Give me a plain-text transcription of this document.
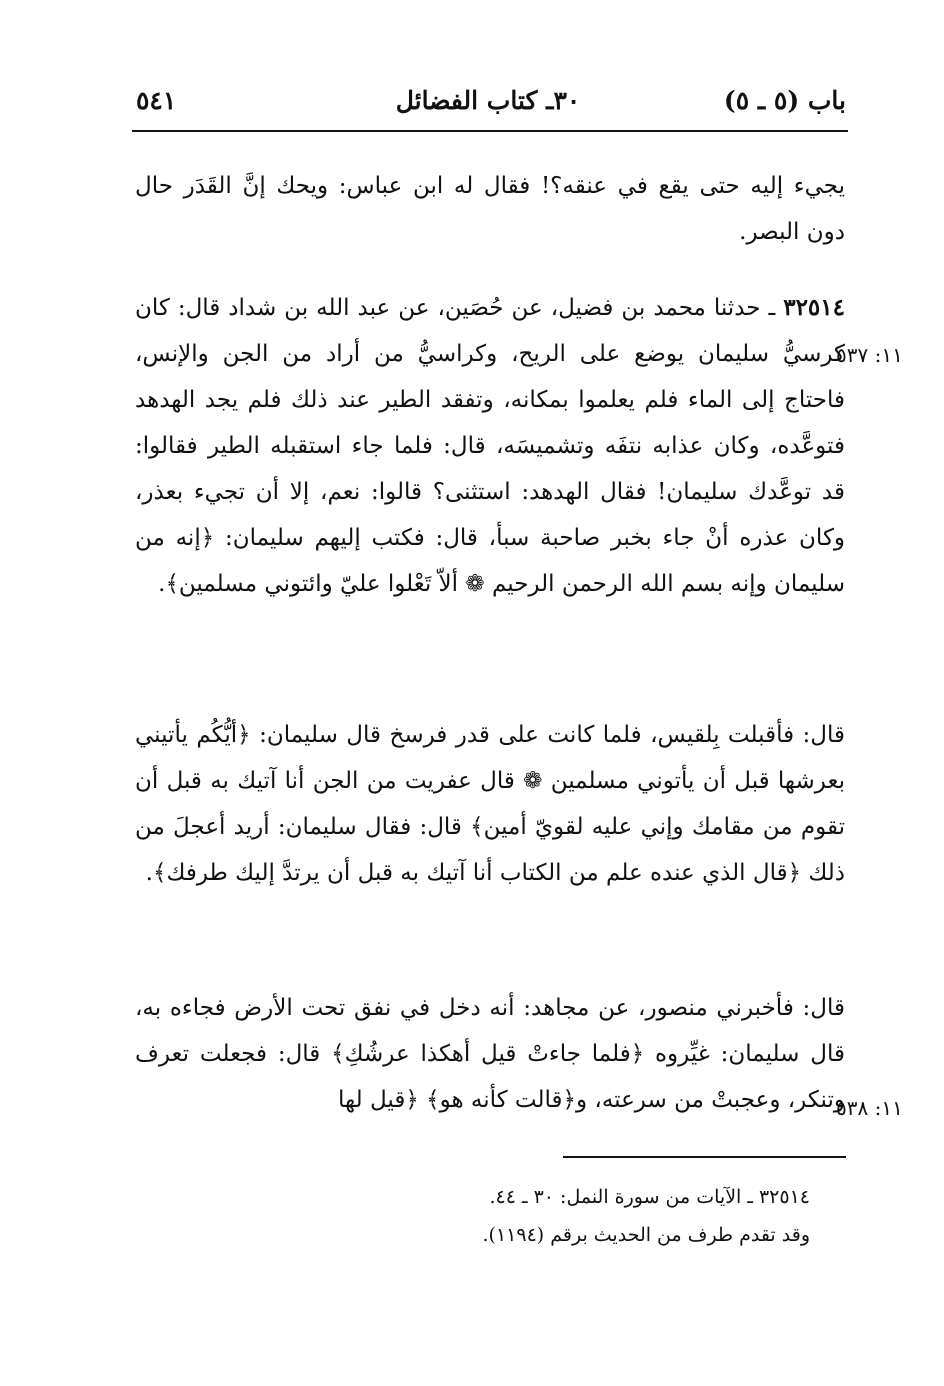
باب (٥ ـ ٥)
٣٠ـ كتاب الفضائل
٥٤١

يجيء إليه حتى يقع في عنقه؟! فقال له ابن عباس: ويحك إنَّ القَدَر حال دون البصر.

٣٢٥١٤ ـ حدثنا محمد بن فضيل، عن حُصَين، عن عبد الله بن شداد قال: كان كرسيُّ سليمان يوضع على الريح، وكراسيُّ من أراد من الجن والإنس، فاحتاج إلى الماء فلم يعلموا بمكانه، وتفقد الطير عند ذلك فلم يجد الهدهد فتوعَّده، وكان عذابه نتفَه وتشميسَه، قال: فلما جاء استقبله الطير فقالوا: قد توعَّدك سليمان! فقال الهدهد: استثنى؟ قالوا: نعم، إلا أن تجيء بعذر، وكان عذره أنْ جاء بخبر صاحبة سبأ، قال: فكتب إليهم سليمان: ﴿إنه من سليمان وإنه بسم الله الرحمن الرحيم ❁ ألاّ تَعْلوا عليّ وائتوني مسلمين﴾.

قال: فأقبلت بِلقيس، فلما كانت على قدر فرسخ قال سليمان: ﴿أيُّكُم يأتيني بعرشها قبل أن يأتوني مسلمين ❁ قال عفريت من الجن أنا آتيك به قبل أن تقوم من مقامك وإني عليه لقويّ أمين﴾ قال: فقال سليمان: أريد أعجلَ من ذلك ﴿قال الذي عنده علم من الكتاب أنا آتيك به قبل أن يرتدَّ إليك طرفك﴾.

قال: فأخبرني منصور، عن مجاهد: أنه دخل في نفق تحت الأرض فجاءه به، قال سليمان: غيِّروه ﴿فلما جاءتْ قيل أهكذا عرشُكِ﴾ قال: فجعلت تعرف وتنكر، وعجبتْ من سرعته، و﴿قالت كأنه هو﴾ ﴿قيل لها

١١: ٥٣٧
١١: ٥٣٨

٣٢٥١٤ ـ الآيات من سورة النمل: ٣٠ ـ ٤٤.

وقد تقدم طرف من الحديث برقم (١١٩٤).
